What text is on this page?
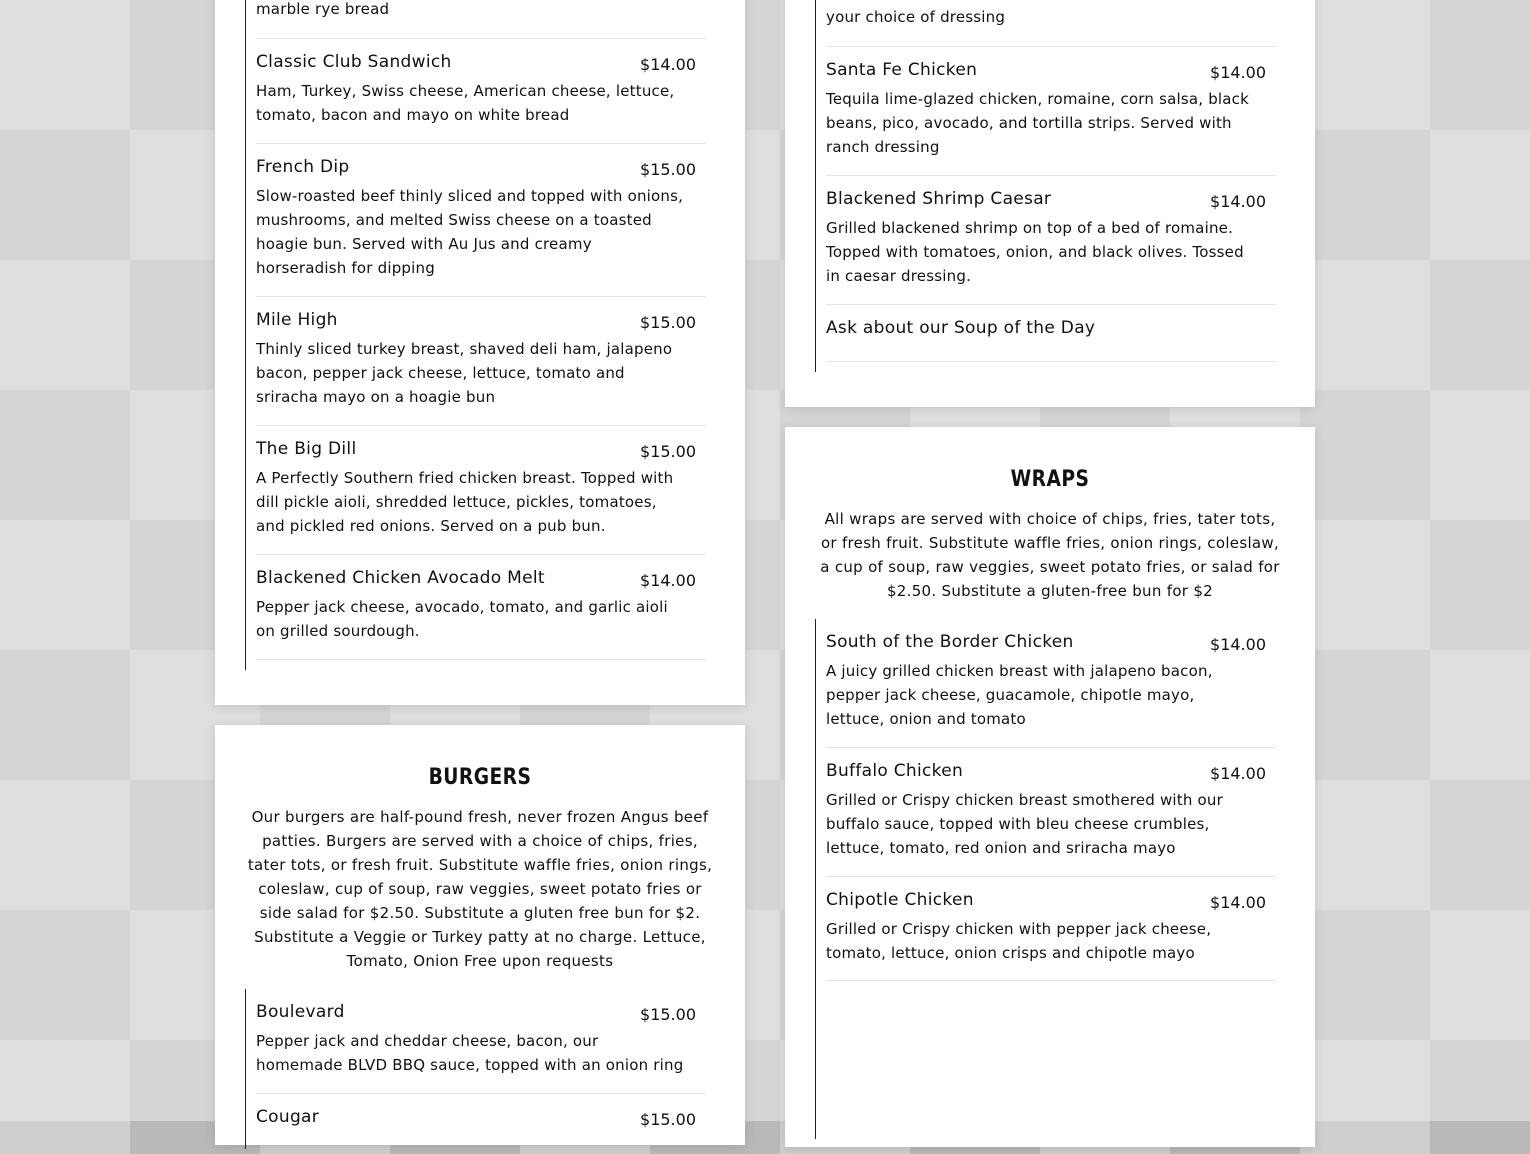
marble rye bread
Classic Club Sandwich	$14.00
Ham, Turkey, Swiss cheese, American cheese, lettuce, tomato, bacon and mayo on white bread
French Dip	$15.00
Slow-roasted beef thinly sliced and topped with onions, mushrooms, and melted Swiss cheese on a toasted hoagie bun. Served with Au Jus and creamy horseradish for dipping
Mile High	$15.00
Thinly sliced turkey breast, shaved deli ham, jalapeno bacon, pepper jack cheese, lettuce, tomato and sriracha mayo on a hoagie bun
The Big Dill	$15.00
A Perfectly Southern fried chicken breast. Topped with dill pickle aioli, shredded lettuce, pickles, tomatoes, and pickled red onions. Served on a pub bun.
Blackened Chicken Avocado Melt	$14.00
Pepper jack cheese, avocado, tomato, and garlic aioli on grilled sourdough.
BURGERS
Our burgers are half-pound fresh, never frozen Angus beef patties. Burgers are served with a choice of chips, fries, tater tots, or fresh fruit. Substitute waffle fries, onion rings, coleslaw, cup of soup, raw veggies, sweet potato fries or side salad for $2.50. Substitute a gluten free bun for $2. Substitute a Veggie or Turkey patty at no charge. Lettuce, Tomato, Onion Free upon requests
Boulevard	$15.00
Pepper jack and cheddar cheese, bacon, our homemade BLVD BBQ sauce, topped with an onion ring
Cougar	$15.00
your choice of dressing
Santa Fe Chicken	$14.00
Tequila lime-glazed chicken, romaine, corn salsa, black beans, pico, avocado, and tortilla strips. Served with ranch dressing
Blackened Shrimp Caesar	$14.00
Grilled blackened shrimp on top of a bed of romaine. Topped with tomatoes, onion, and black olives. Tossed in caesar dressing.
Ask about our Soup of the Day
WRAPS
All wraps are served with choice of chips, fries, tater tots, or fresh fruit. Substitute waffle fries, onion rings, coleslaw, a cup of soup, raw veggies, sweet potato fries, or salad for $2.50. Substitute a gluten-free bun for $2
South of the Border Chicken	$14.00
A juicy grilled chicken breast with jalapeno bacon, pepper jack cheese, guacamole, chipotle mayo, lettuce, onion and tomato
Buffalo Chicken	$14.00
Grilled or Crispy chicken breast smothered with our buffalo sauce, topped with bleu cheese crumbles, lettuce, tomato, red onion and sriracha mayo
Chipotle Chicken	$14.00
Grilled or Crispy chicken with pepper jack cheese, tomato, lettuce, onion crisps and chipotle mayo
